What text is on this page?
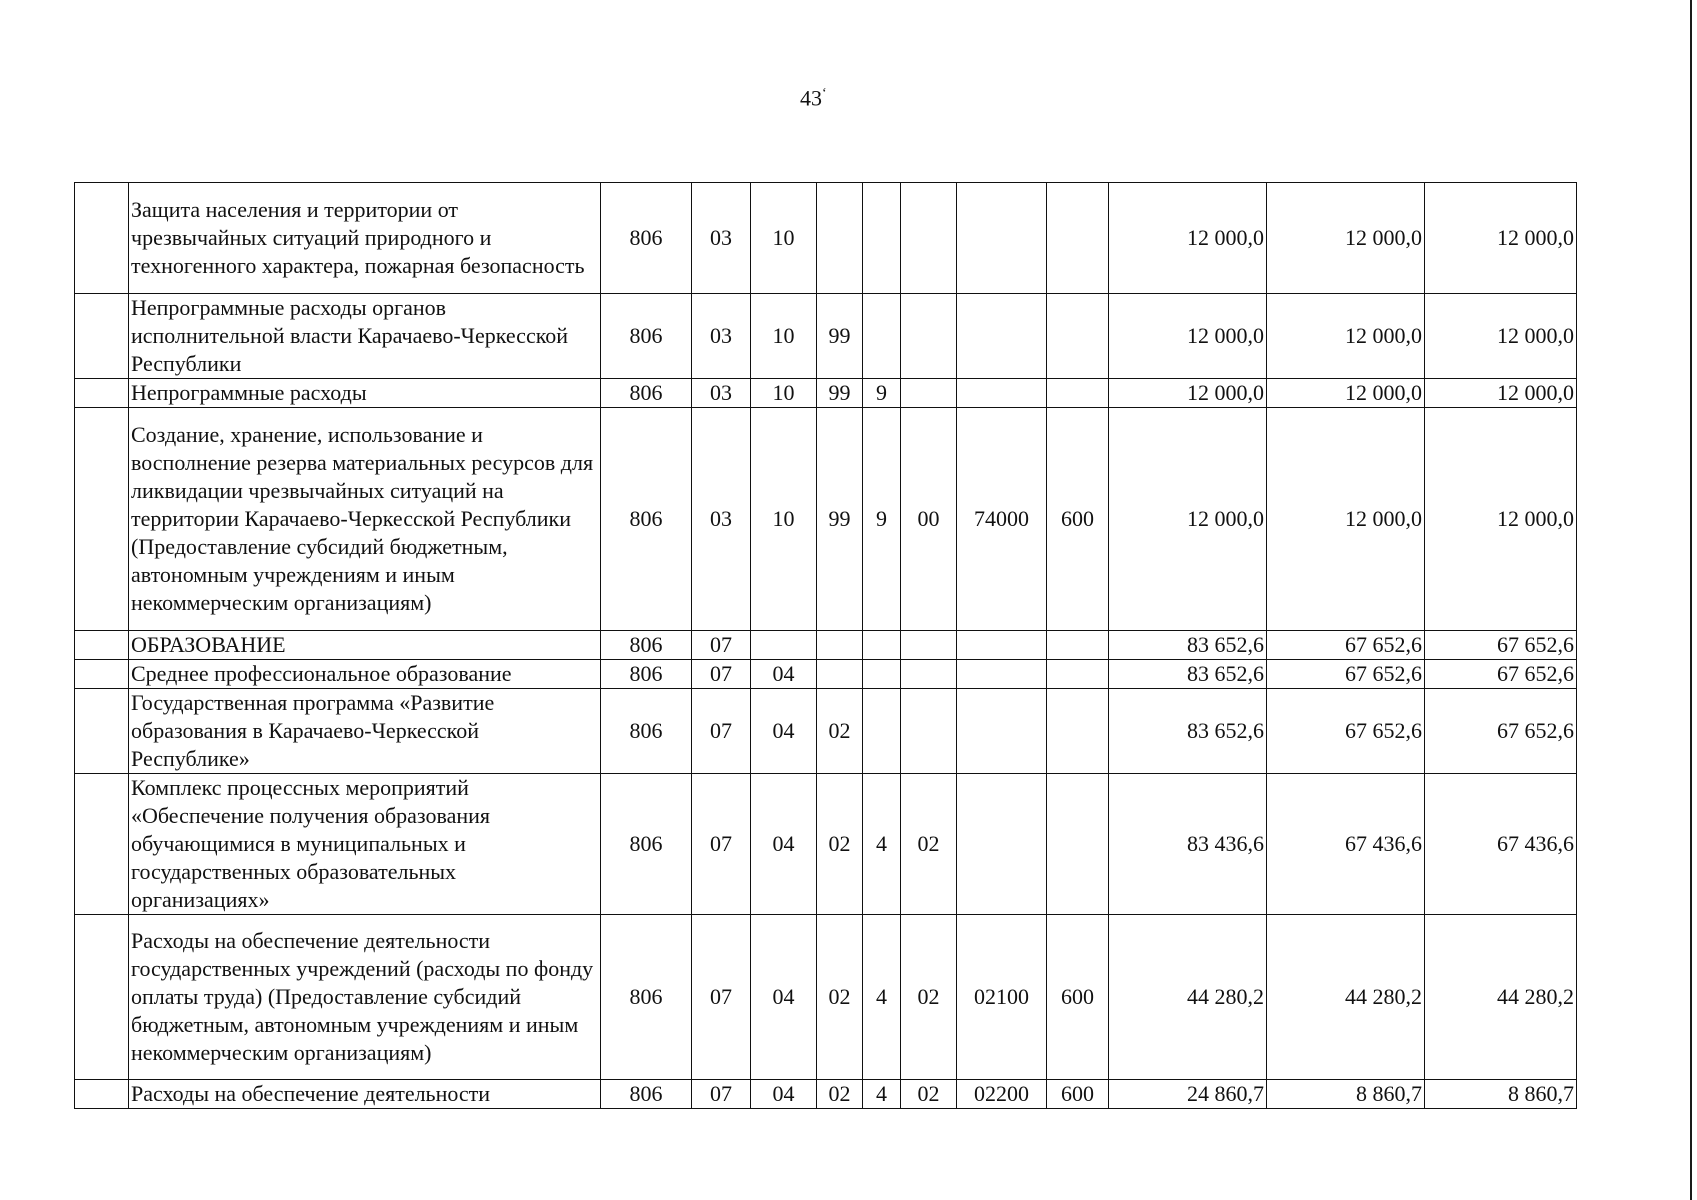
43‘
	Защита населения и территории от чрезвычайных ситуаций природного и техногенного характера, пожарная безопасность	806	03	10						12 000,0	12 000,0	12 000,0
	Непрограммные расходы органов исполнительной власти Карачаево-Черкесской Республики	806	03	10	99					12 000,0	12 000,0	12 000,0
	Непрограммные расходы	806	03	10	99	9				12 000,0	12 000,0	12 000,0
	Создание, хранение, использование и восполнение резерва материальных ресурсов для ликвидации чрезвычайных ситуаций на территории Карачаево-Черкесской Республики (Предоставление субсидий бюджетным, автономным учреждениям и иным некоммерческим организациям)	806	03	10	99	9	00	74000	600	12 000,0	12 000,0	12 000,0
	ОБРАЗОВАНИЕ	806	07							83 652,6	67 652,6	67 652,6
	Среднее профессиональное образование	806	07	04						83 652,6	67 652,6	67 652,6
	Государственная программа «Развитие образования в Карачаево-Черкесской Республике»	806	07	04	02					83 652,6	67 652,6	67 652,6
	Комплекс процессных мероприятий «Обеспечение получения образования обучающимися в муниципальных и государственных образовательных организациях»	806	07	04	02	4	02			83 436,6	67 436,6	67 436,6
	Расходы на обеспечение деятельности государственных учреждений (расходы по фонду оплаты труда) (Предоставление субсидий бюджетным, автономным учреждениям и иным некоммерческим организациям)	806	07	04	02	4	02	02100	600	44 280,2	44 280,2	44 280,2
	Расходы на обеспечение деятельности	806	07	04	02	4	02	02200	600	24 860,7	8 860,7	8 860,7
